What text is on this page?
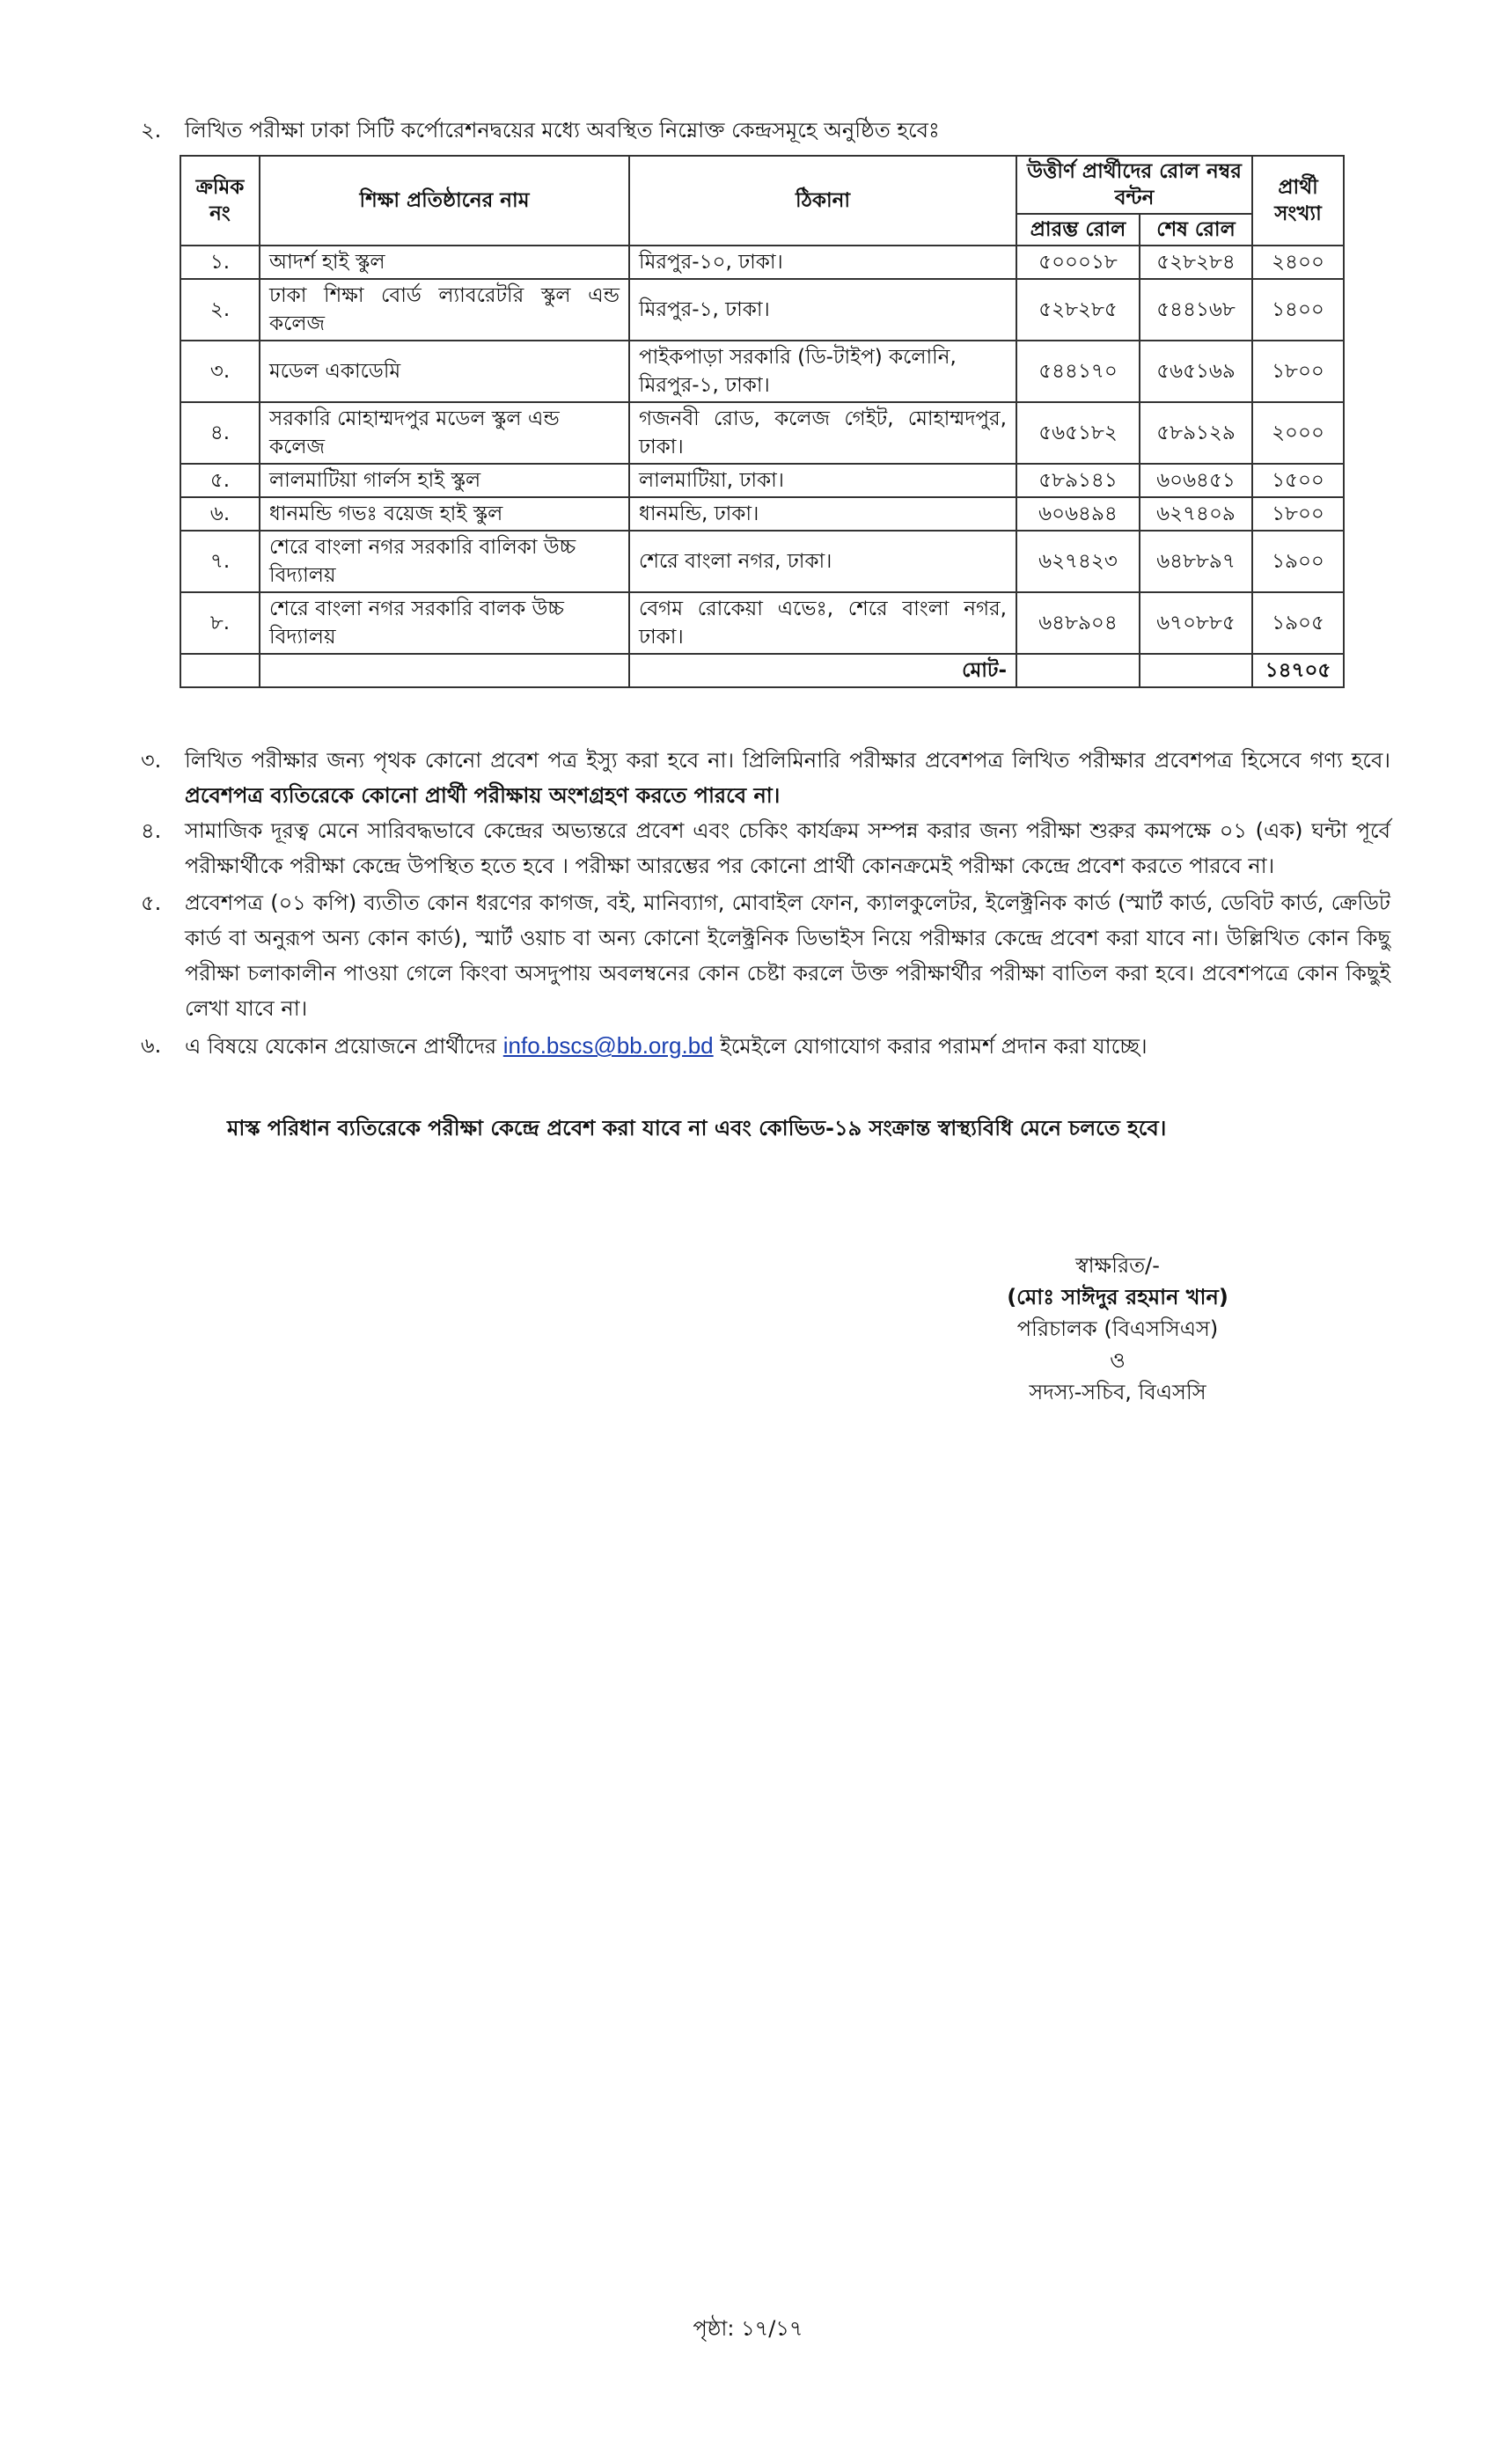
২. লিখিত পরীক্ষা ঢাকা সিটি কর্পোরেশনদ্বয়ের মধ্যে অবস্থিত নিম্নোক্ত কেন্দ্রসমূহে অনুষ্ঠিত হবেঃ
ক্রমিক নং	শিক্ষা প্রতিষ্ঠানের নাম	ঠিকানা	উত্তীর্ণ প্রার্থীদের রোল নম্বর বন্টন		প্রার্থী সংখ্যা
			প্রারম্ভ রোল	শেষ রোল	
১.	আদর্শ হাই স্কুল	মিরপুর-১০, ঢাকা।	৫০০০১৮	৫২৮২৮৪	২৪০০
২.	ঢাকা শিক্ষা বোর্ড ল্যাবরেটরি স্কুল এন্ড কলেজ	মিরপুর-১, ঢাকা।	৫২৮২৮৫	৫৪৪১৬৮	১৪০০
৩.	মডেল একাডেমি	পাইকপাড়া সরকারি (ডি-টাইপ) কলোনি, মিরপুর-১, ঢাকা।	৫৪৪১৭০	৫৬৫১৬৯	১৮০০
৪.	সরকারি মোহাম্মদপুর মডেল স্কুল এন্ড কলেজ	গজনবী রোড, কলেজ গেইট, মোহাম্মদপুর, ঢাকা।	৫৬৫১৮২	৫৮৯১২৯	২০০০
৫.	লালমাটিয়া গার্লস হাই স্কুল	লালমাটিয়া, ঢাকা।	৫৮৯১৪১	৬০৬৪৫১	১৫০০
৬.	ধানমন্ডি গভঃ বয়েজ হাই স্কুল	ধানমন্ডি, ঢাকা।	৬০৬৪৯৪	৬২৭৪০৯	১৮০০
৭.	শেরে বাংলা নগর সরকারি বালিকা উচ্চ বিদ্যালয়	শেরে বাংলা নগর, ঢাকা।	৬২৭৪২৩	৬৪৮৮৯৭	১৯০০
৮.	শেরে বাংলা নগর সরকারি বালক উচ্চ বিদ্যালয়	বেগম রোকেয়া এভেঃ, শেরে বাংলা নগর, ঢাকা।	৬৪৮৯০৪	৬৭০৮৮৫	১৯০৫
		মোট-			১৪৭০৫
৩. লিখিত পরীক্ষার জন্য পৃথক কোনো প্রবেশ পত্র ইস্যু করা হবে না। প্রিলিমিনারি পরীক্ষার প্রবেশপত্র লিখিত পরীক্ষার প্রবেশপত্র হিসেবে গণ্য হবে। প্রবেশপত্র ব্যতিরেকে কোনো প্রার্থী পরীক্ষায় অংশগ্রহণ করতে পারবে না।
৪. সামাজিক দূরত্ব মেনে সারিবদ্ধভাবে কেন্দ্রের অভ্যন্তরে প্রবেশ এবং চেকিং কার্যক্রম সম্পন্ন করার জন্য পরীক্ষা শুরুর কমপক্ষে ০১ (এক) ঘন্টা পূর্বে পরীক্ষার্থীকে পরীক্ষা কেন্দ্রে উপস্থিত হতে হবে । পরীক্ষা আরম্ভের পর কোনো প্রার্থী কোনক্রমেই পরীক্ষা কেন্দ্রে প্রবেশ করতে পারবে না।
৫. প্রবেশপত্র (০১ কপি) ব্যতীত কোন ধরণের কাগজ, বই, মানিব্যাগ, মোবাইল ফোন, ক্যালকুলেটর, ইলেক্ট্রনিক কার্ড (স্মার্ট কার্ড, ডেবিট কার্ড, ক্রেডিট কার্ড বা অনুরূপ অন্য কোন কার্ড), স্মার্ট ওয়াচ বা অন্য কোনো ইলেক্ট্রনিক ডিভাইস নিয়ে পরীক্ষার কেন্দ্রে প্রবেশ করা যাবে না। উল্লিখিত কোন কিছু পরীক্ষা চলাকালীন পাওয়া গেলে কিংবা অসদুপায় অবলম্বনের কোন চেষ্টা করলে উক্ত পরীক্ষার্থীর পরীক্ষা বাতিল করা হবে। প্রবেশপত্রে কোন কিছুই লেখা যাবে না।
৬. এ বিষয়ে যেকোন প্রয়োজনে প্রার্থীদের info.bscs@bb.org.bd ইমেইলে যোগাযোগ করার পরামর্শ প্রদান করা যাচ্ছে।
মাস্ক পরিধান ব্যতিরেকে পরীক্ষা কেন্দ্রে প্রবেশ করা যাবে না এবং কোভিড-১৯ সংক্রান্ত স্বাস্থ্যবিধি মেনে চলতে হবে।
স্বাক্ষরিত/-
(মোঃ সাঈদুর রহমান খান)
পরিচালক (বিএসসিএস)
ও
সদস্য-সচিব, বিএসসি
পৃষ্ঠা: ১৭/১৭
